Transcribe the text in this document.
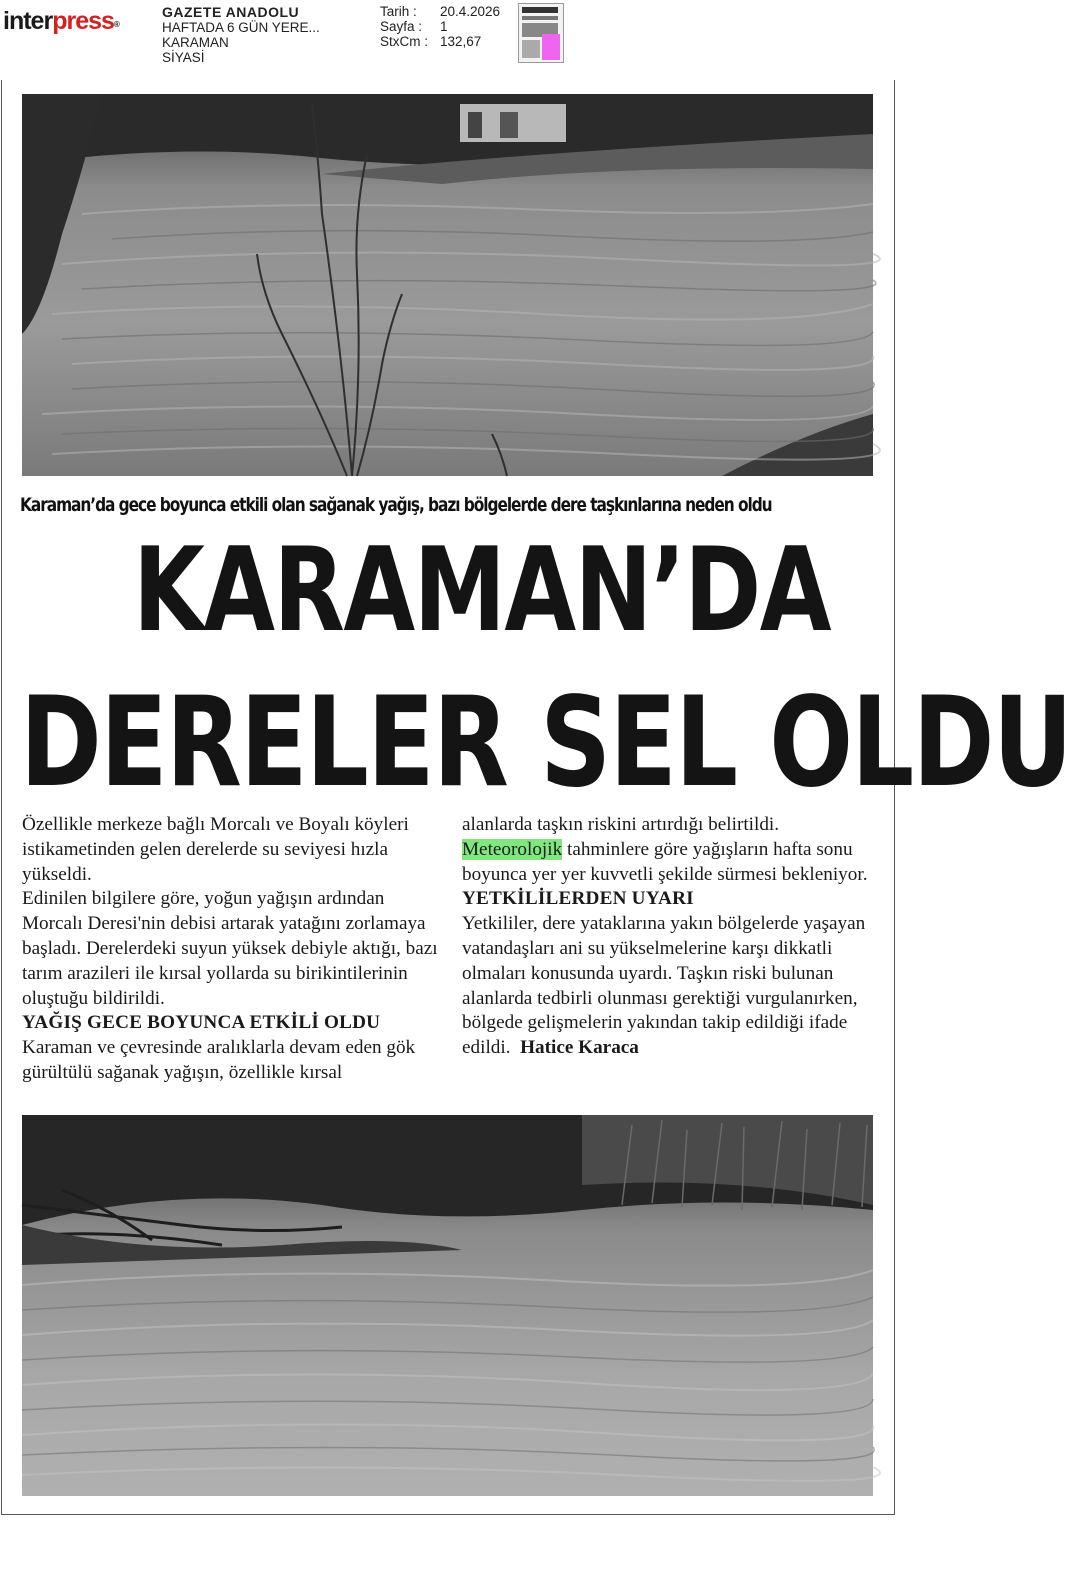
interpress®
GAZETE ANADOLU
HAFTADA 6 GÜN YERE...
KARAMAN
SİYASİ
Tarih :	20.4.2026
Sayfa :	1
StxCm : 132,67
Karaman’da gece boyunca etkili olan sağanak yağış, bazı bölgelerde dere taşkınlarına neden oldu
KARAMAN’DA
DERELER SEL OLDU

Özellikle merkeze bağlı Morcalı ve Boyalı köyleri istikametinden gelen derelerde su seviyesi hızla yükseldi.

Edinilen bilgilere göre, yoğun yağışın ardından Morcalı Deresi'nin debisi artarak yatağını zorlamaya başladı. Derelerdeki suyun yüksek debiyle aktığı, bazı tarım arazileri ile kırsal yollarda su birikintilerinin oluştuğu bildirildi.

YAĞIŞ GECE BOYUNCA ETKİLİ OLDU

Karaman ve çevresinde aralıklarla devam eden gök gürültülü sağanak yağışın, özellikle kırsal

alanlarda taşkın riskini artırdığı belirtildi.

Meteorolojik tahminlere göre yağışların hafta sonu boyunca yer yer kuvvetli şekilde sürmesi bekleniyor.

YETKİLİLERDEN UYARI

Yetkililer, dere yataklarına yakın bölgelerde yaşayan vatandaşları ani su yükselmelerine karşı dikkatli olmaları konusunda uyardı. Taşkın riski bulunan alanlarda tedbirli olunması gerektiği vurgulanırken, bölgede gelişmelerin yakından takip edildiği ifade edildi. Hatice Karaca
